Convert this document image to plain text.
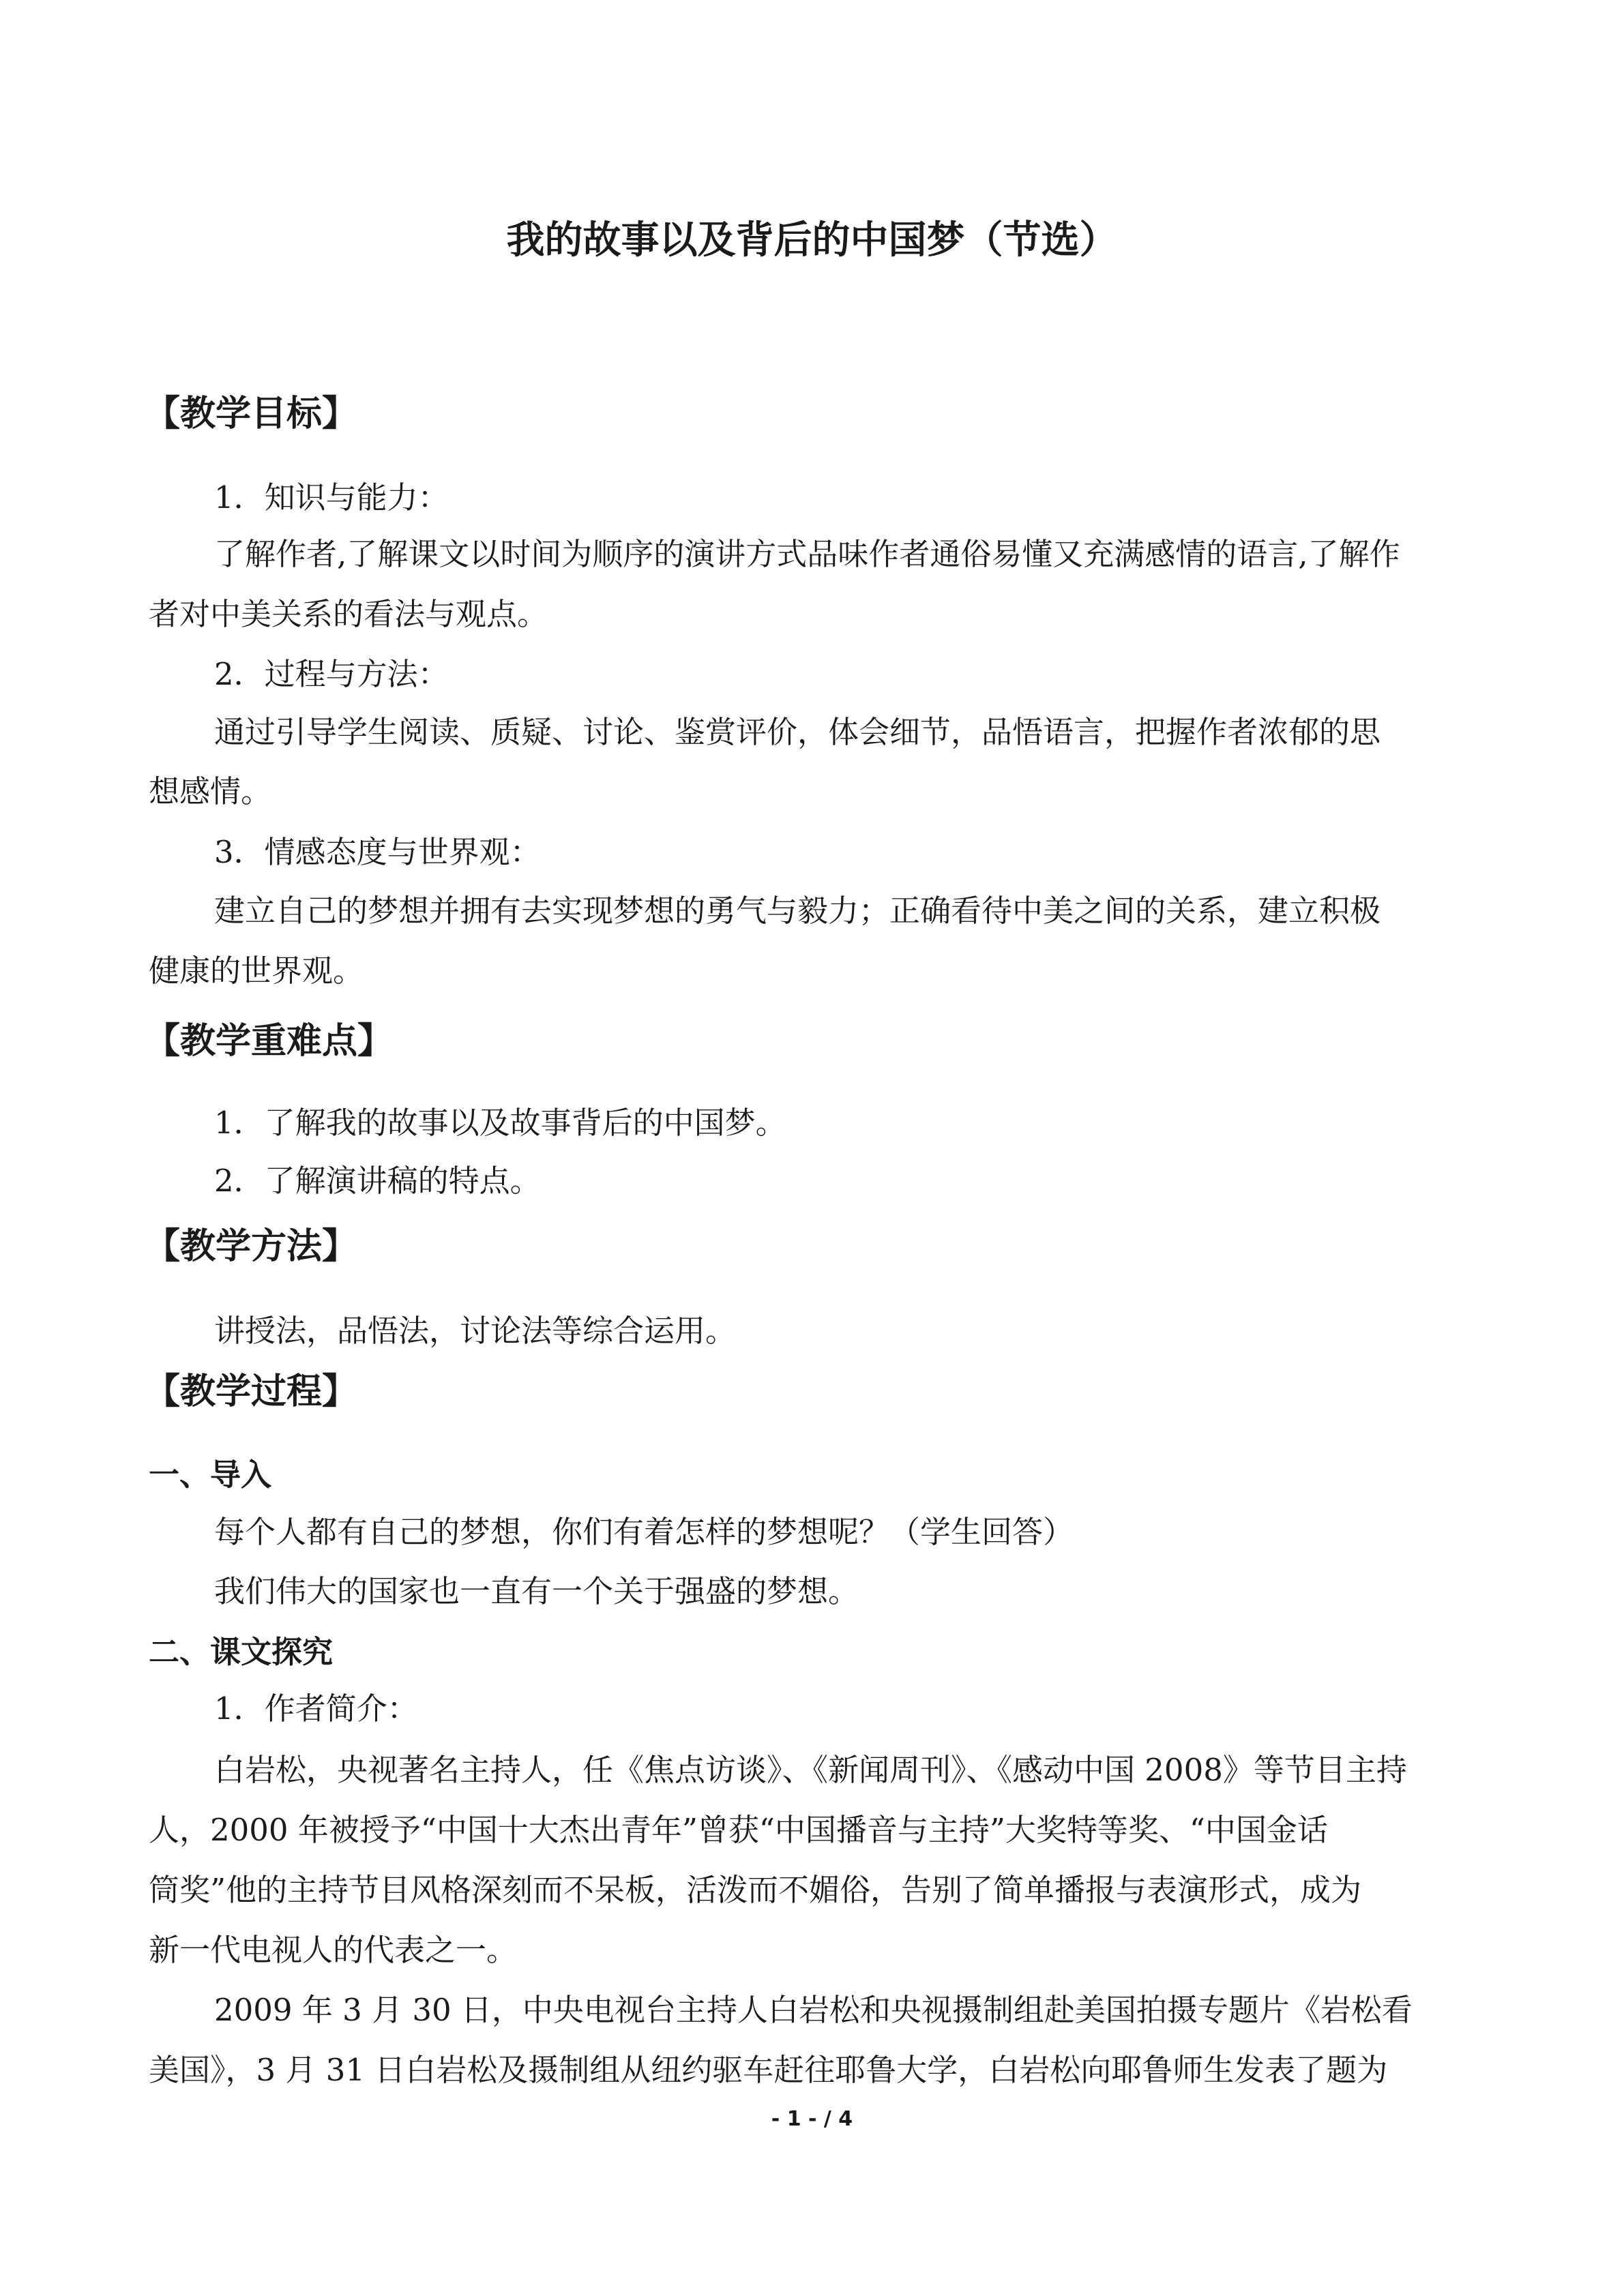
我的故事以及背后的中国梦（节选）
【教学目标】
1．知识与能力：
了解作者,了解课文以时间为顺序的演讲方式品味作者通俗易懂又充满感情的语言,了解作
者对中美关系的看法与观点。
2．过程与方法：
通过引导学生阅读、质疑、讨论、鉴赏评价，体会细节，品悟语言，把握作者浓郁的思
想感情。
3．情感态度与世界观：
建立自己的梦想并拥有去实现梦想的勇气与毅力；正确看待中美之间的关系，建立积极
健康的世界观。
【教学重难点】
1．了解我的故事以及故事背后的中国梦。
2．了解演讲稿的特点。
【教学方法】
讲授法，品悟法，讨论法等综合运用。
【教学过程】
一、导入
每个人都有自己的梦想，你们有着怎样的梦想呢？（学生回答）
我们伟大的国家也一直有一个关于强盛的梦想。
二、课文探究
1．作者简介：
白岩松，央视著名主持人，任《焦点访谈》、《新闻周刊》、《感动中国 2008》等节目主持
人，2000 年被授予“中国十大杰出青年”曾获“中国播音与主持”大奖特等奖、“中国金话
筒奖”他的主持节目风格深刻而不呆板，活泼而不媚俗，告别了简单播报与表演形式，成为
新一代电视人的代表之一。
2009 年 3 月 30 日，中央电视台主持人白岩松和央视摄制组赴美国拍摄专题片《岩松看
美国》，3 月 31 日白岩松及摄制组从纽约驱车赶往耶鲁大学，白岩松向耶鲁师生发表了题为
- 1 - / 4
